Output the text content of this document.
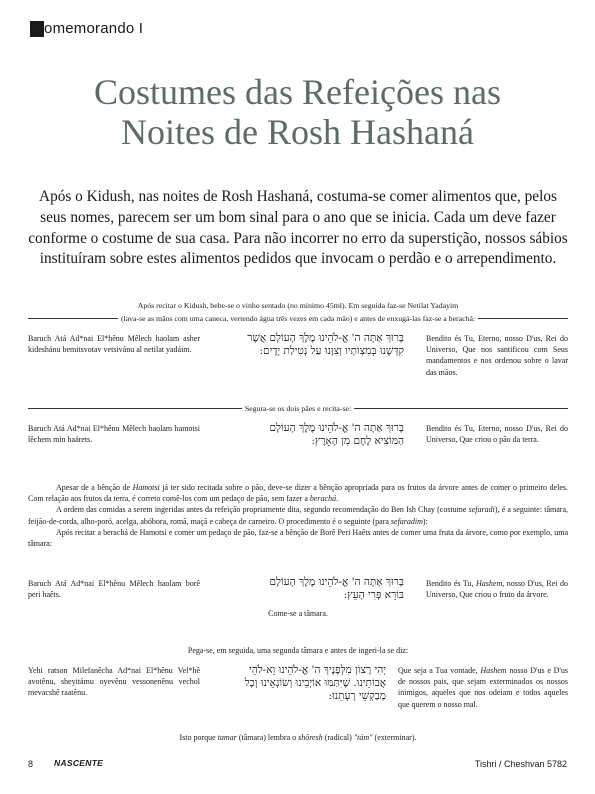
Comemorando I
Costumes das Refeições nas
Noites de Rosh Hashaná
Após o Kidush, nas noites de Rosh Hashaná, costuma-se comer alimentos que, pelos seus nomes, parecem ser um bom sinal para o ano que se inicia. Cada um deve fazer conforme o costume de sua casa. Para não incorrer no erro da superstição, nossos sábios instituíram sobre estes alimentos pedidos que invocam o perdão e o arrependimento.
Após recitar o Kidush, bebe-se o vinho sentado (no mínimo 45ml). Em seguida faz-se Netilat Yadayim
(lava-se as mãos com uma caneca, vertendo água três vezes em cada mão) e antes de enxugá-las faz-se a berachá:
Baruch Atá Ad*nai El*hênu Mêlech haolam asher kideshánu bemitsvotav vetsivánu al netilat yadáim.
בָּרוּךְ אַתָּה ה' אֱ-לֹהֵינוּ מֶלֶךְ הָעוֹלָם אֲשֶׁר
קִדְּשָׁנוּ בְּמִצְוֹתָיו וְצִוָּנוּ עַל נְטִילַת יָדָיִם:
Bendito és Tu, Eterno, nosso D'us, Rei do Universo, Que nos santificou com Seus mandamentos e nos ordenou sobre o lavar das mãos.
Segura-se os dois pães e recita-se:
Baruch Atá Ad*nai El*hênu Mêlech haolam hamotsi lêchem min haárets.
בָּרוּךְ אַתָּה ה' אֱ-לֹהֵינוּ מֶלֶךְ הָעוֹלָם
הַמּוֹצִיא לֶחֶם מִן הָאָרֶץ:
Bendito és Tu, Eterno, nosso D'us, Rei do Universo, Que criou o pão da terra.

Apesar de a bênção de Hamotsi já ter sido recitada sobre o pão, deve-se dizer a bênção apropriada para os frutos da árvore antes de comer o primeiro deles. Com relação aos frutos da terra, é correto comê-los com um pedaço de pão, sem fazer a berachá.

A ordem das comidas a serem ingeridas antes da refeição propriamente dita, segundo recomendação do Ben Ish Chay (costume sefaradi), é a seguinte: tâmara, feijão-de-corda, alho-poró, acelga, abóbora, romã, maçã e cabeça de carneiro. O procedimento é o seguinte (para sefaradim):

Após recitar a berachá de Hamotsi e comer um pedaço de pão, faz-se a bênção de Borê Peri Haêts antes de comer uma fruta da árvore, como por exemplo, uma tâmara:

Baruch Atá Ad*nai El*hênu Mêlech haolam borê peri haêts.
בָּרוּךְ אַתָּה ה' אֱ-לֹהֵינוּ מֶלֶךְ הָעוֹלָם
בּוֹרֵא פְּרִי הָעֵץ:
Bendito és Tu, Hashem, nosso D'us, Rei do Universo, Que criou o fruto da árvore.
Come-se a tâmara.
Pega-se, em seguida, uma segunda tâmara e antes de ingeri-la se diz:
Yehi ratson Milefanêcha Ad*nai El*hênu Vel*hê avotênu, sheyitámu oyevênu vessonenênu vechol mevacshê raatênu.
יְהִי רָצוֹן מִלְּפָנֶיךָ ה' אֱ-לֹהֵינוּ וֵא-לֹהֵי
אֲבוֹתֵינוּ. שֶׁיִּתַּמּוּ אוֹיְבֵינוּ וְשׂוֹנְאֵינוּ וְכָל
מְבַקְשֵׁי רָעָתֵנוּ:
Que seja a Tua vontade, Hashem nosso D'us e D'us de nossos pais, que sejam exterminados os nossos inimigos, aqueles que nos odeiam e todos aqueles que querem o nosso mal.
Isto porque tamar (tâmara) lembra o shôresh (radical) "tám" (exterminar).
8 NASCENTE	Tishri / Cheshvan 5782
